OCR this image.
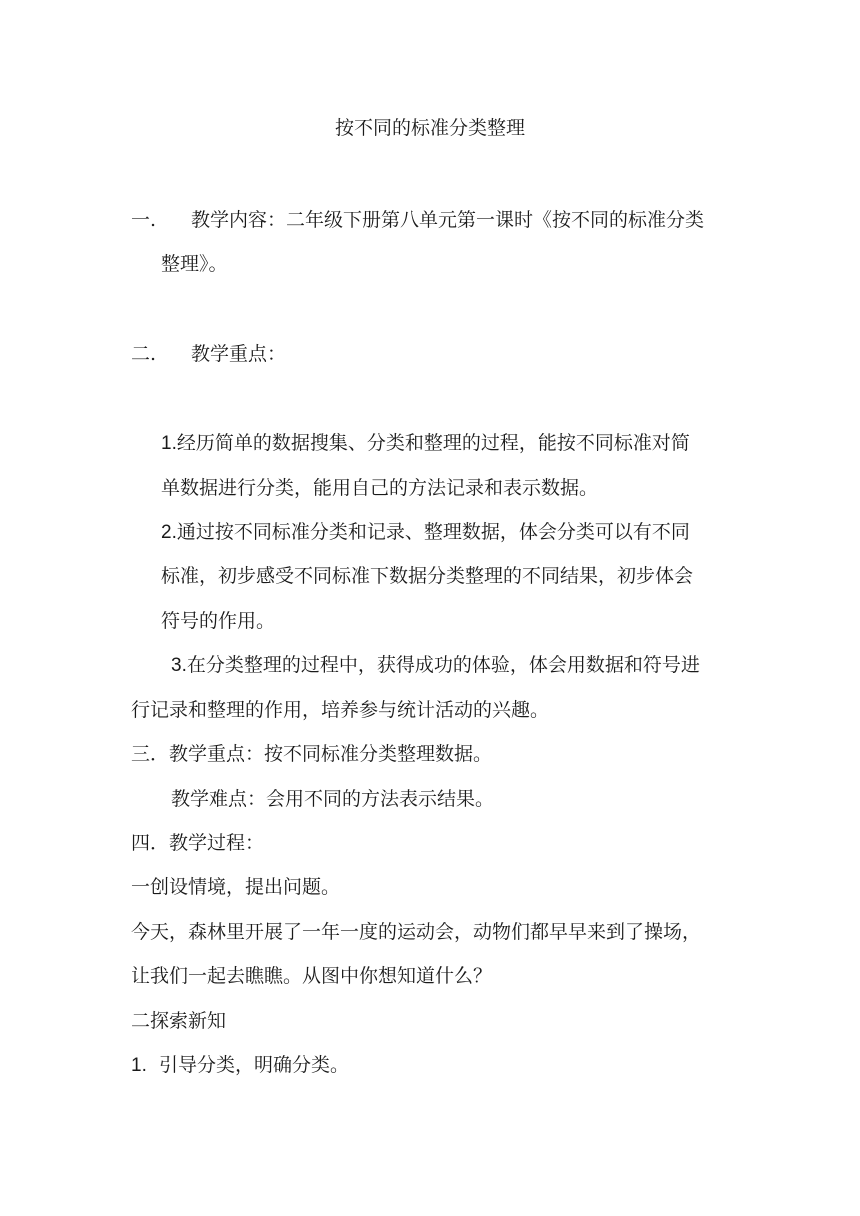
按不同的标准分类整理
一. 教学内容：二年级下册第八单元第一课时《按不同的标准分类
整理》。
二. 教学重点：
1.经历简单的数据搜集、分类和整理的过程，能按不同标准对简
单数据进行分类，能用自己的方法记录和表示数据。
2.通过按不同标准分类和记录、整理数据，体会分类可以有不同
标准，初步感受不同标准下数据分类整理的不同结果，初步体会
符号的作用。
3.在分类整理的过程中，获得成功的体验，体会用数据和符号进
行记录和整理的作用，培养参与统计活动的兴趣。
三．教学重点：按不同标准分类整理数据。
教学难点：会用不同的方法表示结果。
四．教学过程：
一创设情境，提出问题。
今天，森林里开展了一年一度的运动会，动物们都早早来到了操场，
让我们一起去瞧瞧。从图中你想知道什么？
二探索新知
1. 引导分类，明确分类。
